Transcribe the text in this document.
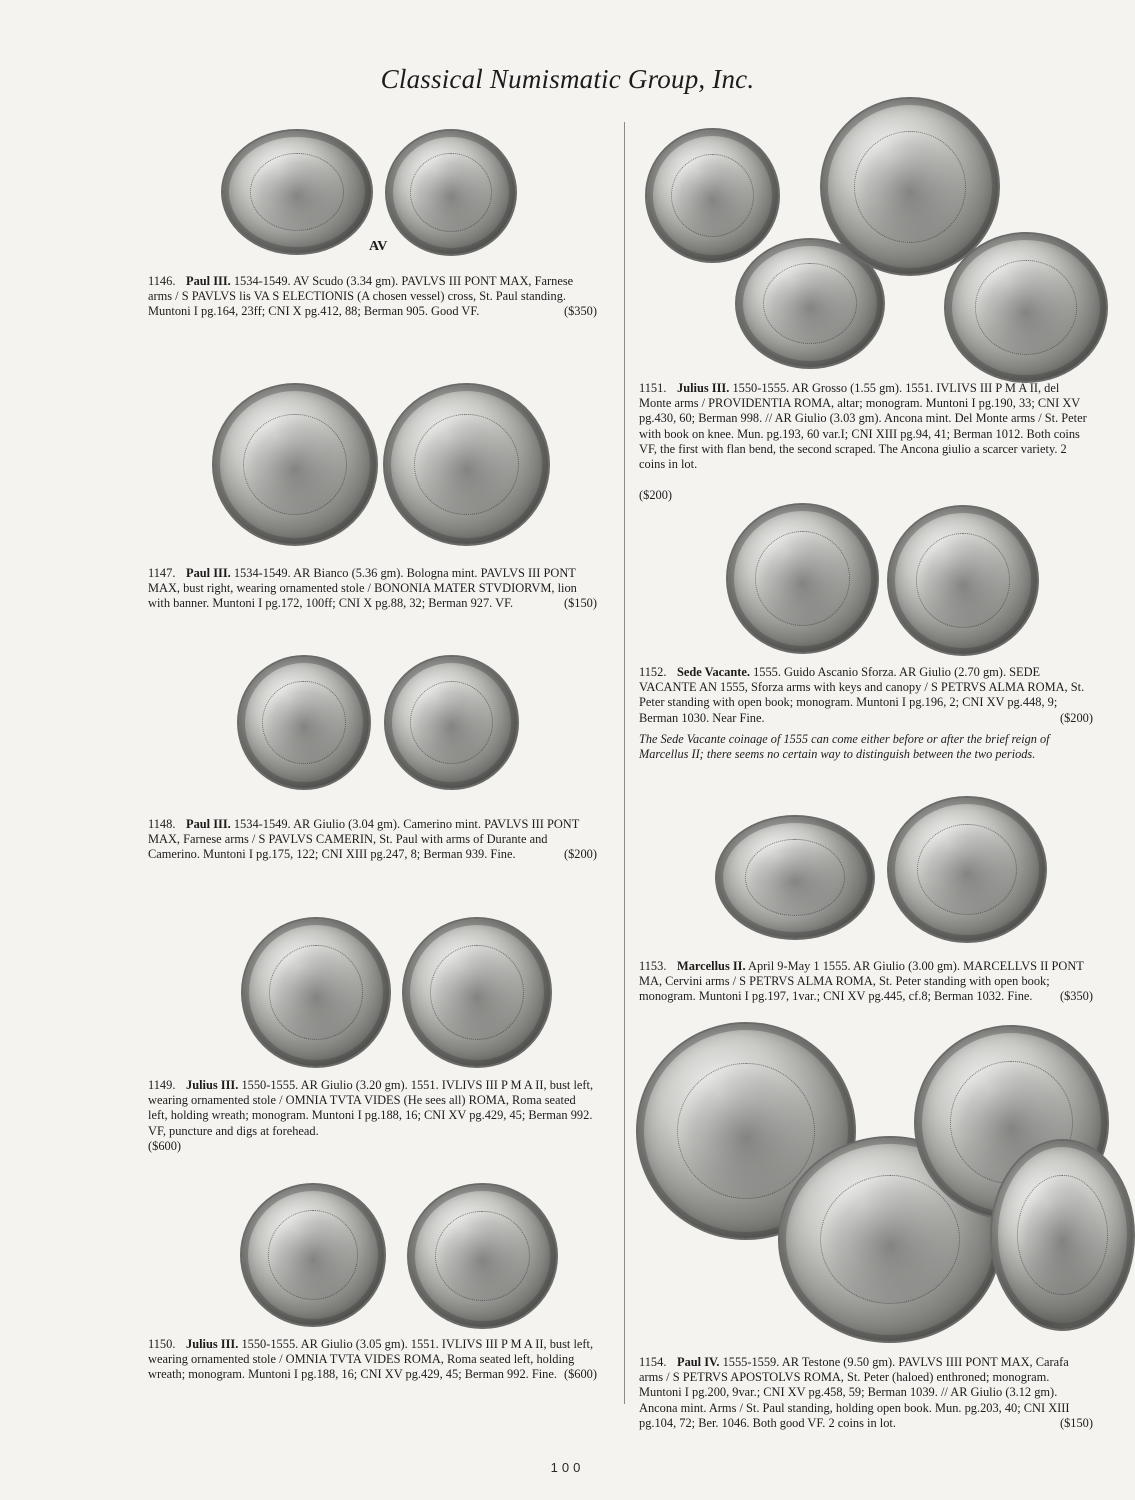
Classical Numismatic Group, Inc.
AV

1146. Paul III. 1534-1549. AV Scudo (3.34 gm). PAVLVS III PONT MAX, Farnese arms / S PAVLVS lis VA S ELECTIONIS (A chosen vessel) cross, St. Paul standing. Muntoni I pg.164, 23ff; CNI X pg.412, 88; Berman 905. Good VF.	($350)

1147. Paul III. 1534-1549. AR Bianco (5.36 gm). Bologna mint. PAVLVS III PONT MAX, bust right, wearing ornamented stole / BONONIA MATER STVDIORVM, lion with banner. Muntoni I pg.172, 100ff; CNI X pg.88, 32; Berman 927. VF.	($150)

1148. Paul III. 1534-1549. AR Giulio (3.04 gm). Camerino mint. PAVLVS III PONT MAX, Farnese arms / S PAVLVS CAMERIN, St. Paul with arms of Durante and Camerino. Muntoni I pg.175, 122; CNI XIII pg.247, 8; Berman 939. Fine.	($200)

1149. Julius III. 1550-1555. AR Giulio (3.20 gm). 1551. IVLIVS III P M A II, bust left, wearing ornamented stole / OMNIA TVTA VIDES (He sees all) ROMA, Roma seated left, holding wreath; monogram. Muntoni I pg.188, 16; CNI XV pg.429, 45; Berman 992. VF, puncture and digs at forehead.

($600)

1150. Julius III. 1550-1555. AR Giulio (3.05 gm). 1551. IVLIVS III P M A II, bust left, wearing ornamented stole / OMNIA TVTA VIDES ROMA, Roma seated left, holding wreath; monogram. Muntoni I pg.188, 16; CNI XV pg.429, 45; Berman 992. Fine. ($600)

1151. Julius III. 1550-1555. AR Grosso (1.55 gm). 1551. IVLIVS III P M A II, del Monte arms / PROVIDENTIA ROMA, altar; monogram. Muntoni I pg.190, 33; CNI XV pg.430, 60; Berman 998. // AR Giulio (3.03 gm). Ancona mint. Del Monte arms / St. Peter with book on knee. Mun. pg.193, 60 var.I; CNI XIII pg.94, 41; Berman 1012. Both coins VF, the first with flan bend, the second scraped. The Ancona giulio a scarcer variety. 2 coins in lot.

($200)

1152. Sede Vacante. 1555. Guido Ascanio Sforza. AR Giulio (2.70 gm). SEDE VACANTE AN 1555, Sforza arms with keys and canopy / S PETRVS ALMA ROMA, St. Peter standing with open book; monogram. Muntoni I pg.196, 2; CNI XV pg.448, 9; Berman 1030. Near Fine.	($200)

The Sede Vacante coinage of 1555 can come either before or after the brief reign of Marcellus II; there seems no certain way to distinguish between the two periods.

1153. Marcellus II. April 9-May 1 1555. AR Giulio (3.00 gm). MARCELLVS II PONT MA, Cervini arms / S PETRVS ALMA ROMA, St. Peter standing with open book; monogram. Muntoni I pg.197, 1var.; CNI XV pg.445, cf.8; Berman 1032. Fine. ($350)

1154. Paul IV. 1555-1559. AR Testone (9.50 gm). PAVLVS IIII PONT MAX, Carafa arms / S PETRVS APOSTOLVS ROMA, St. Peter (haloed) enthroned; monogram. Muntoni I pg.200, 9var.; CNI XV pg.458, 59; Berman 1039. // AR Giulio (3.12 gm). Ancona mint. Arms / St. Paul standing, holding open book. Mun. pg.203, 40; CNI XIII pg.104, 72; Ber. 1046. Both good VF. 2 coins in lot.	($150)

100
